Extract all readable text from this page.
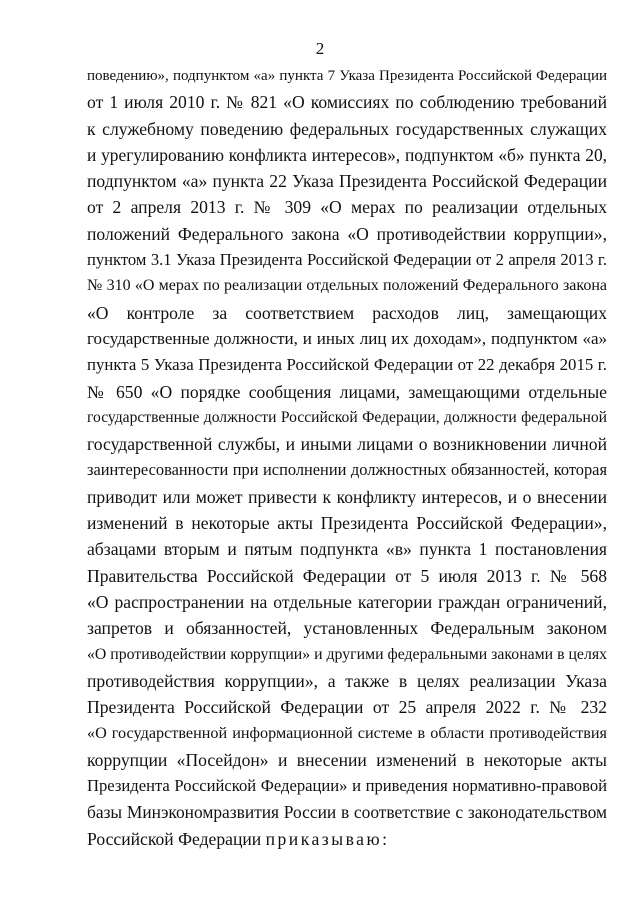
2
поведению», подпунктом «а» пункта 7 Указа Президента Российской Федерации
от 1 июля 2010 г. № 821 «О комиссиях по соблюдению требований
к служебному поведению федеральных государственных служащих
и урегулированию конфликта интересов», подпунктом «б» пункта 20,
подпунктом «а» пункта 22 Указа Президента Российской Федерации
от 2 апреля 2013 г. № 309 «О мерах по реализации отдельных
положений Федерального закона «О противодействии коррупции»,
пунктом 3.1 Указа Президента Российской Федерации от 2 апреля 2013 г.
№ 310 «О мерах по реализации отдельных положений Федерального закона
«О контроле за соответствием расходов лиц, замещающих
государственные должности, и иных лиц их доходам», подпунктом «а»
пункта 5 Указа Президента Российской Федерации от 22 декабря 2015 г.
№ 650 «О порядке сообщения лицами, замещающими отдельные
государственные должности Российской Федерации, должности федеральной
государственной службы, и иными лицами о возникновении личной
заинтересованности при исполнении должностных обязанностей, которая
приводит или может привести к конфликту интересов, и о внесении
изменений в некоторые акты Президента Российской Федерации»,
абзацами вторым и пятым подпункта «в» пункта 1 постановления
Правительства Российской Федерации от 5 июля 2013 г. № 568
«О распространении на отдельные категории граждан ограничений,
запретов и обязанностей, установленных Федеральным законом
«О противодействии коррупции» и другими федеральными законами в целях
противодействия коррупции», а также в целях реализации Указа
Президента Российской Федерации от 25 апреля 2022 г. № 232
«О государственной информационной системе в области противодействия
коррупции «Посейдон» и внесении изменений в некоторые акты
Президента Российской Федерации» и приведения нормативно-правовой
базы Минэкономразвития России в соответствие с законодательством
Российской Федерации приказываю:
